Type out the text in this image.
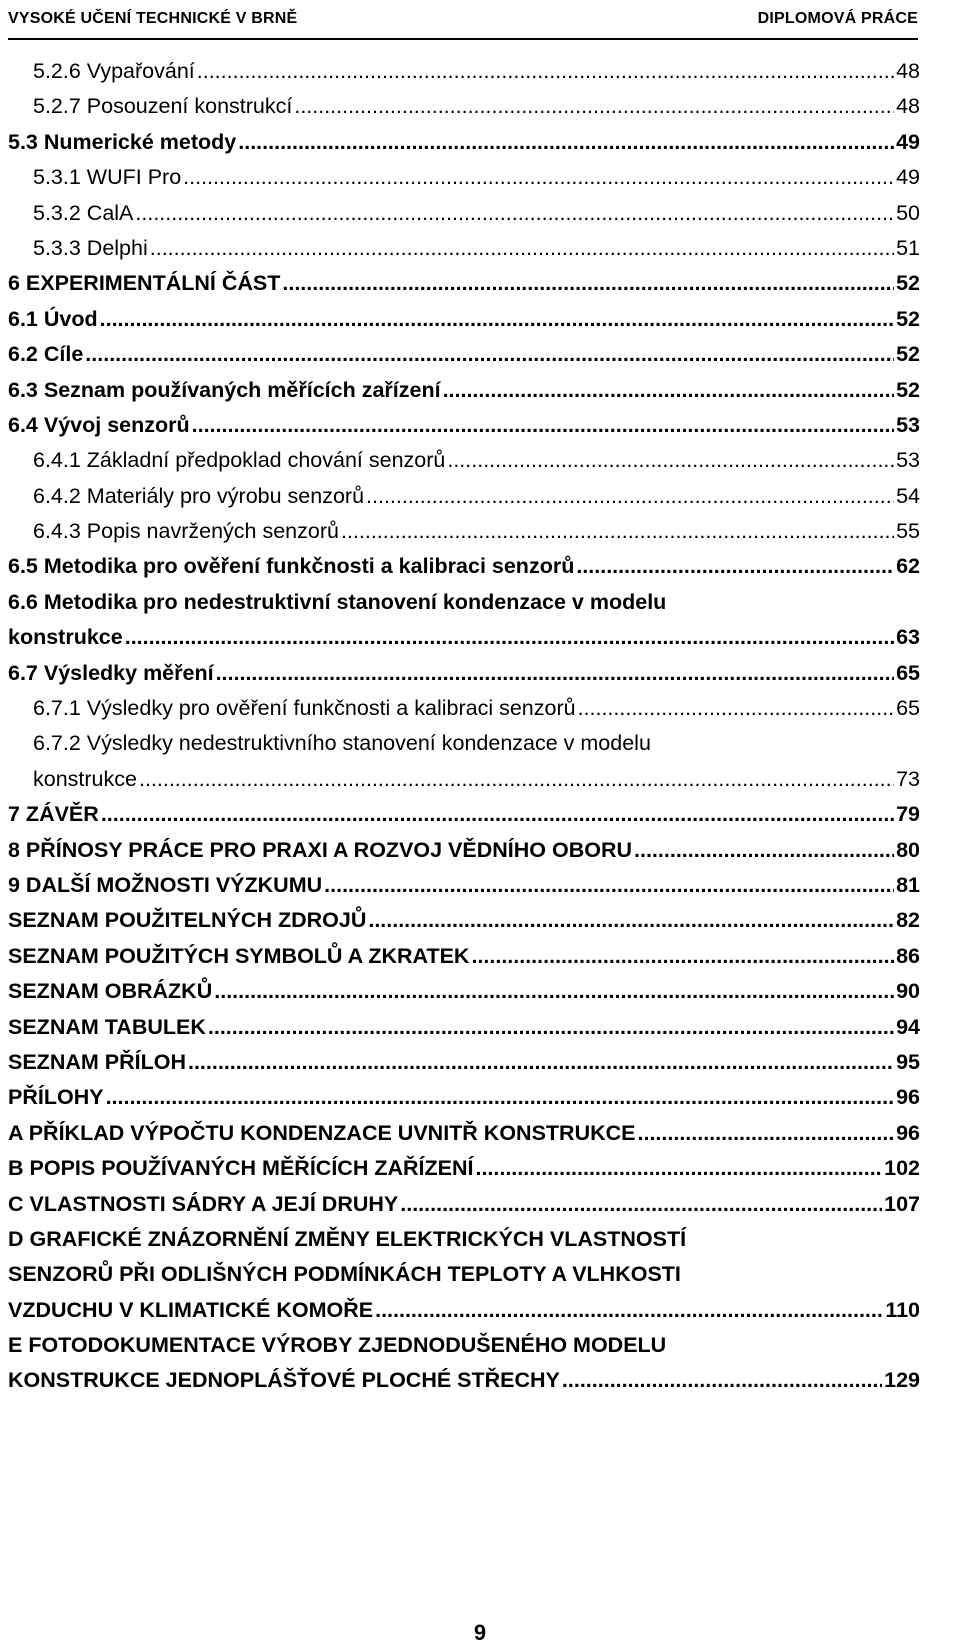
VYSOKÉ UČENÍ TECHNICKÉ V BRNĚ	DIPLOMOVÁ PRÁCE
5.2.6 Vypařování .....	48
5.2.7 Posouzení konstrukcí .....	48
5.3 Numerické metody .....	49
5.3.1 WUFI Pro .....	49
5.3.2 CalA .....	50
5.3.3 Delphi .....	51
6 EXPERIMENTÁLNÍ ČÁST .....	52
6.1 Úvod .....	52
6.2 Cíle .....	52
6.3 Seznam používaných měřících zařízení .....	52
6.4 Vývoj senzorů .....	53
6.4.1 Základní předpoklad chování senzorů .....	53
6.4.2 Materiály pro výrobu senzorů .....	54
6.4.3 Popis navržených senzorů .....	55
6.5 Metodika pro ověření funkčnosti a kalibraci senzorů .....	62
6.6 Metodika pro nedestruktivní stanovení kondenzace v modelu
konstrukce .....	63
6.7 Výsledky měření .....	65
6.7.1 Výsledky pro ověření funkčnosti a kalibraci senzorů .....	65
6.7.2 Výsledky nedestruktivního stanovení kondenzace v modelu
konstrukce .....	73
7 ZÁVĚR .....	79
8 PŘÍNOSY PRÁCE PRO PRAXI A ROZVOJ VĚDNÍHO OBORU .....	80
9 DALŠÍ MOŽNOSTI VÝZKUMU .....	81
SEZNAM POUŽITELNÝCH ZDROJŮ .....	82
SEZNAM POUŽITÝCH SYMBOLŮ A ZKRATEK .....	86
SEZNAM OBRÁZKŮ .....	90
SEZNAM TABULEK .....	94
SEZNAM PŘÍLOH .....	95
PŘÍLOHY .....	96
A PŘÍKLAD VÝPOČTU KONDENZACE UVNITŘ KONSTRUKCE .....	96
B POPIS POUŽÍVANÝCH MĚŘÍCÍCH ZAŘÍZENÍ .....	102
C VLASTNOSTI SÁDRY A JEJÍ DRUHY .....	107
D GRAFICKÉ ZNÁZORNĚNÍ ZMĚNY ELEKTRICKÝCH VLASTNOSTÍ
SENZORŮ PŘI ODLIŠNÝCH PODMÍNKÁCH TEPLOTY A VLHKOSTI
VZDUCHU V KLIMATICKÉ KOMOŘE .....	110
E FOTODOKUMENTACE VÝROBY ZJEDNODUŠENÉHO MODELU
KONSTRUKCE JEDNOPLÁŠŤOVÉ PLOCHÉ STŘECHY .....	129
9
